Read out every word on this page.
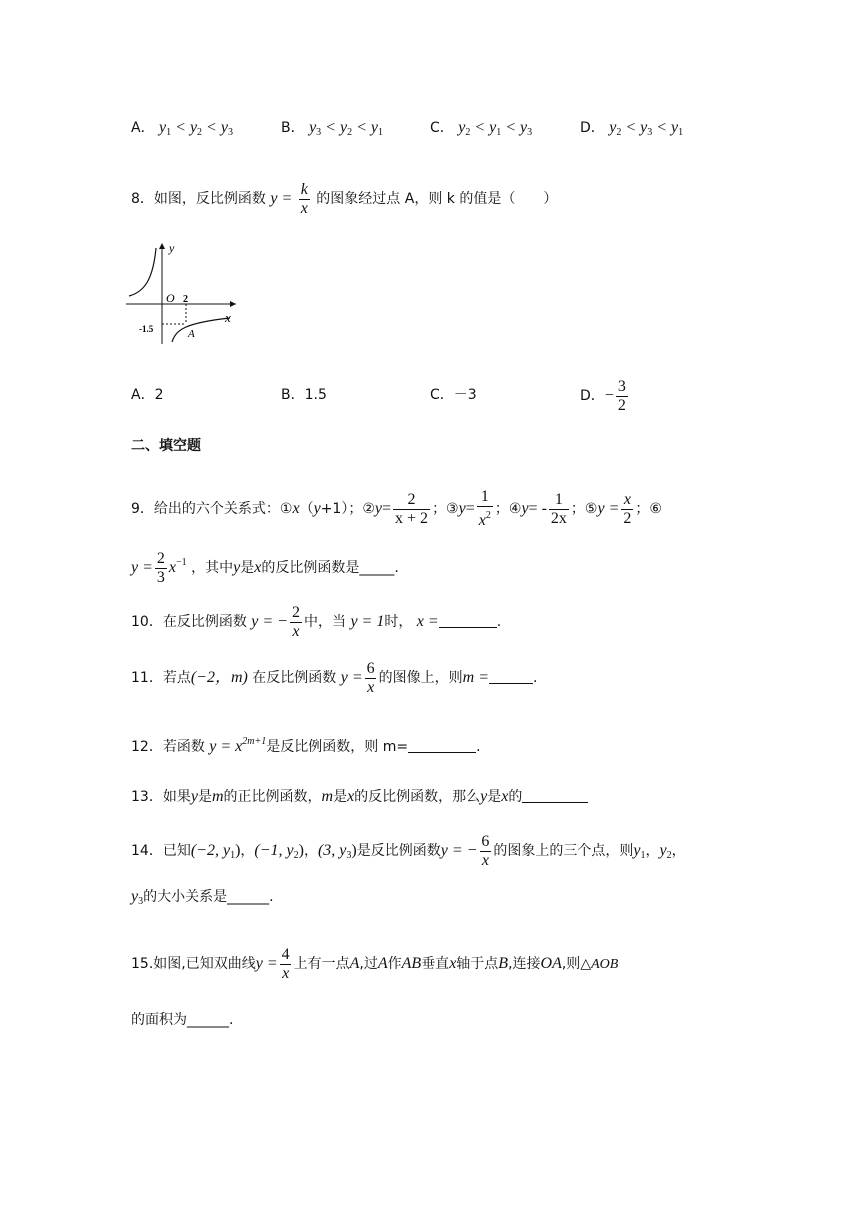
A． $y_1 < y_2 < y_3$	B． $y_3 < y_2 < y_1$	C． $y_2 < y_1 < y_3$	D． $y_2 < y_3 < y_1$
8．如图，反比例函数 $y = \frac{k}{x}$ 的图象经过点 A，则 k 的值是（　　）
y
x
O 2
-1.5	A
A．2	B．1.5	C．－3	D．− $\frac{3}{2}$
二、填空题
9．给出的六个关系式：①x（y+1）；②y= $\frac{2}{x + 2}$ ；③y= $\frac{1}{x^2}$ ；④y= - $\frac{1}{2x}$ ；⑤y = $\frac{x}{2}$ ；⑥
$y = \frac{2}{3} x^{-1}$ ，其中y是x的反比例函数是_____.
10．在反比例函数 y = − $\frac{2}{x}$ 中，当 y = 1时， x =	.
11．若点(−2，m) 在反比例函数 $y = \frac{6}{x}$ 的图像上，则m =	.
12．若函数 $y = x^{2m+1}$是反比例函数，则 m=	.
13．如果y是m的正比例函数，m是x的反比例函数，那么y是x的
14．已知(−2, $y_1$)，(−1, $y_2$)，(3, $y_3$)是反比例函数y = − $\frac{6}{x}$ 的图象上的三个点，则$y_1$，$y_2$，
$y_3$的大小关系是______.
15.如图,已知双曲线$y = \frac{4}{x}$ 上有一点A,过A作AB垂直x轴于点B,连接OA,则△AOB
的面积为______.
